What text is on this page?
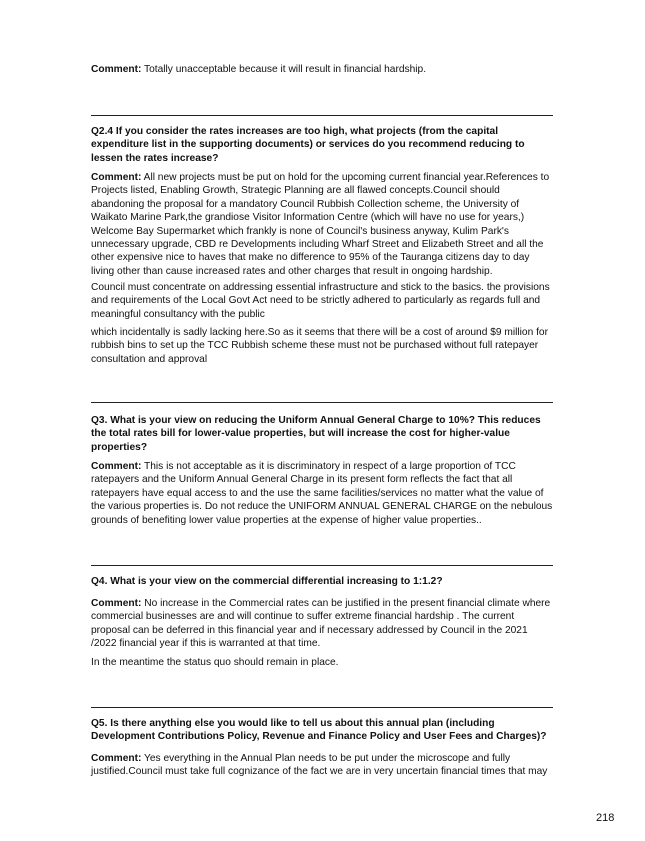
Comment: Totally unacceptable because it will result in financial hardship.

Q2.4 If you consider the rates increases are too high, what projects (from the capital expenditure list in the supporting documents) or services do you recommend reducing to lessen the rates increase?

Comment: All new projects must be put on hold for the upcoming current financial year.References to Projects listed, Enabling Growth, Strategic Planning are all flawed concepts.Council should abandoning the proposal for a mandatory Council Rubbish Collection scheme, the University of Waikato Marine Park,the grandiose Visitor Information Centre (which will have no use for years,) Welcome Bay Supermarket which frankly is none of Council's business anyway, Kulim Park's unnecessary upgrade, CBD re Developments including Wharf Street and Elizabeth Street and all the other expensive nice to haves that make no difference to 95% of the Tauranga citizens day to day living other than cause increased rates and other charges that result in ongoing hardship.

Council must concentrate on addressing essential infrastructure and stick to the basics. the provisions and requirements of the Local Govt Act need to be strictly adhered to particularly as regards full and meaningful consultancy with the public

which incidentally is sadly lacking here.So as it seems that there will be a cost of around $9 million for rubbish bins to set up the TCC Rubbish scheme these must not be purchased without full ratepayer consultation and approval

Q3. What is your view on reducing the Uniform Annual General Charge to 10%? This reduces the total rates bill for lower-value properties, but will increase the cost for higher-value properties?

Comment: This is not acceptable as it is discriminatory in respect of a large proportion of TCC ratepayers and the Uniform Annual General Charge in its present form reflects the fact that all ratepayers have equal access to and the use the same facilities/services no matter what the value of the various properties is. Do not reduce the UNIFORM ANNUAL GENERAL CHARGE on the nebulous grounds of benefiting lower value properties at the expense of higher value properties..

Q4. What is your view on the commercial differential increasing to 1:1.2?

Comment: No increase in the Commercial rates can be justified in the present financial climate where commercial businesses are and will continue to suffer extreme financial hardship . The current proposal can be deferred in this financial year and if necessary addressed by Council in the 2021 /2022 financial year if this is warranted at that time.

In the meantime the status quo should remain in place.

Q5. Is there anything else you would like to tell us about this annual plan (including Development Contributions Policy, Revenue and Finance Policy and User Fees and Charges)?

Comment: Yes everything in the Annual Plan needs to be put under the microscope and fully justified.Council must take full cognizance of the fact we are in very uncertain financial times that may

218
